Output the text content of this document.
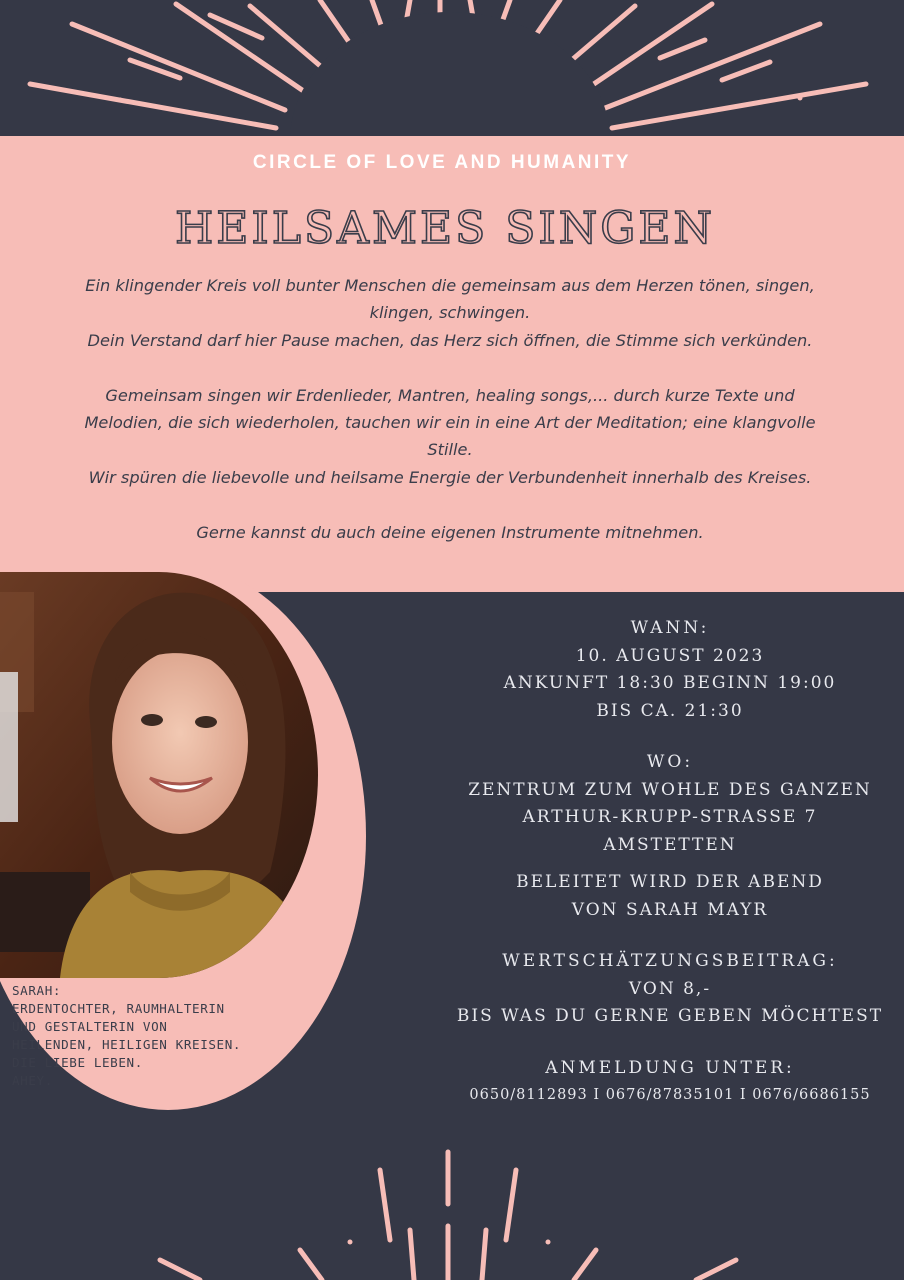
CIRCLE OF LOVE AND HUMANITY
HEILSAMES SINGEN

Ein klingender Kreis voll bunter Menschen die gemeinsam aus dem Herzen tönen, singen,

klingen, schwingen.

Dein Verstand darf hier Pause machen, das Herz sich öffnen, die Stimme sich verkünden.

Gemeinsam singen wir Erdenlieder, Mantren, healing songs,... durch kurze Texte und

Melodien, die sich wiederholen, tauchen wir ein in eine Art der Meditation; eine klangvolle

Stille.

Wir spüren die liebevolle und heilsame Energie der Verbundenheit innerhalb des Kreises.

Gerne kannst du auch deine eigenen Instrumente mitnehmen.

SARAH:
ERDENTOCHTER, RAUMHALTERIN
UND GESTALTERIN VON
HEILENDEN, HEILIGEN KREISEN.
DIE LIEBE LEBEN.
AHEY.
WANN:
10. AUGUST 2023
ANKUNFT 18:30 BEGINN 19:00
BIS CA. 21:30
WO:
ZENTRUM ZUM WOHLE DES GANZEN
ARTHUR-KRUPP-STRASSE 7
AMSTETTEN
BELEITET WIRD DER ABEND
VON SARAH MAYR
WERTSCHÄTZUNGSBEITRAG:
VON 8,-
BIS WAS DU GERNE GEBEN MÖCHTEST
ANMELDUNG UNTER:
0650/8112893 I 0676/87835101 I 0676/6686155
